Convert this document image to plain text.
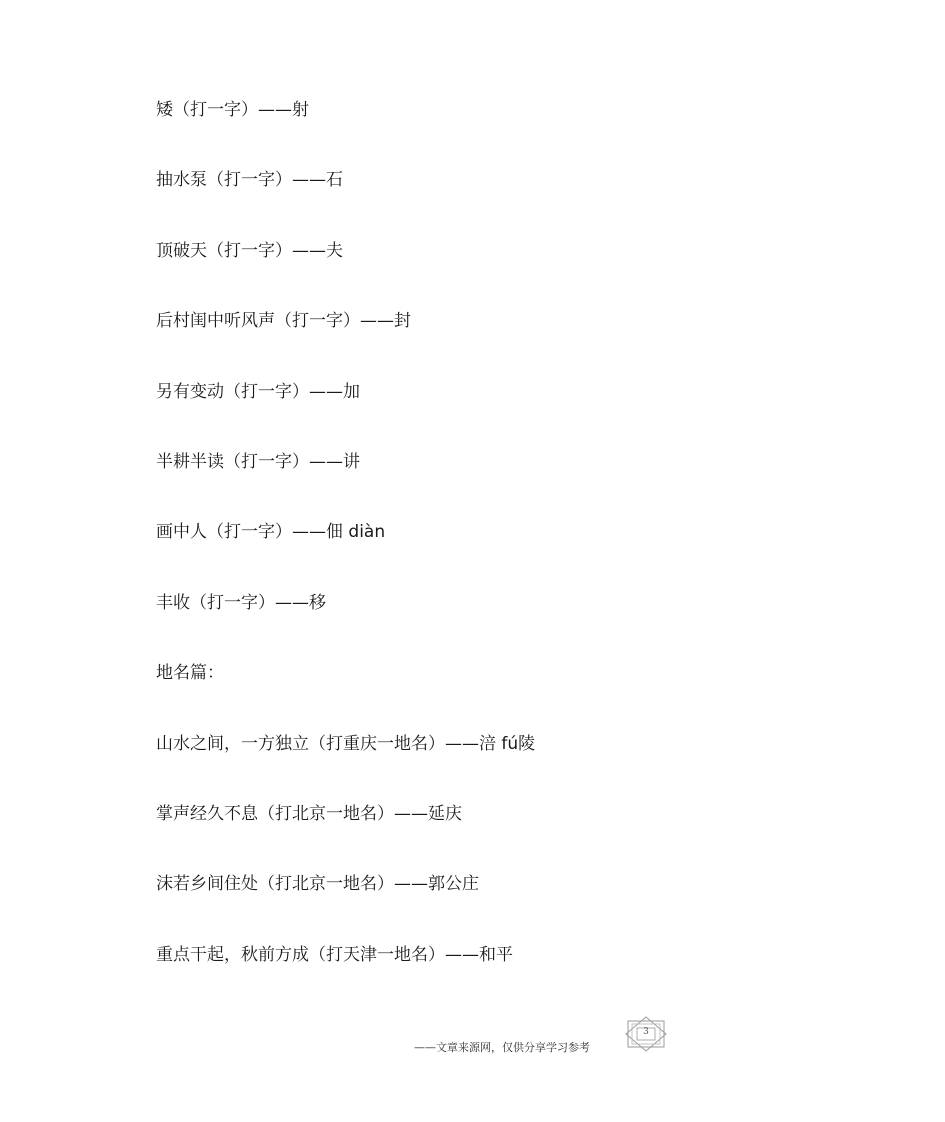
矮（打一字）——射
抽水泵（打一字）——石
顶破天（打一字）——夫
后村闺中听风声（打一字）——封
另有变动（打一字）——加
半耕半读（打一字）——讲
画中人（打一字）——佃 diàn
丰收（打一字）——移
地名篇：
山水之间，一方独立（打重庆一地名）——涪 fú陵
掌声经久不息（打北京一地名）——延庆
沫若乡间住处（打北京一地名）——郭公庄
重点干起，秋前方成（打天津一地名）——和平
——文章来源网，仅供分享学习参考
3
